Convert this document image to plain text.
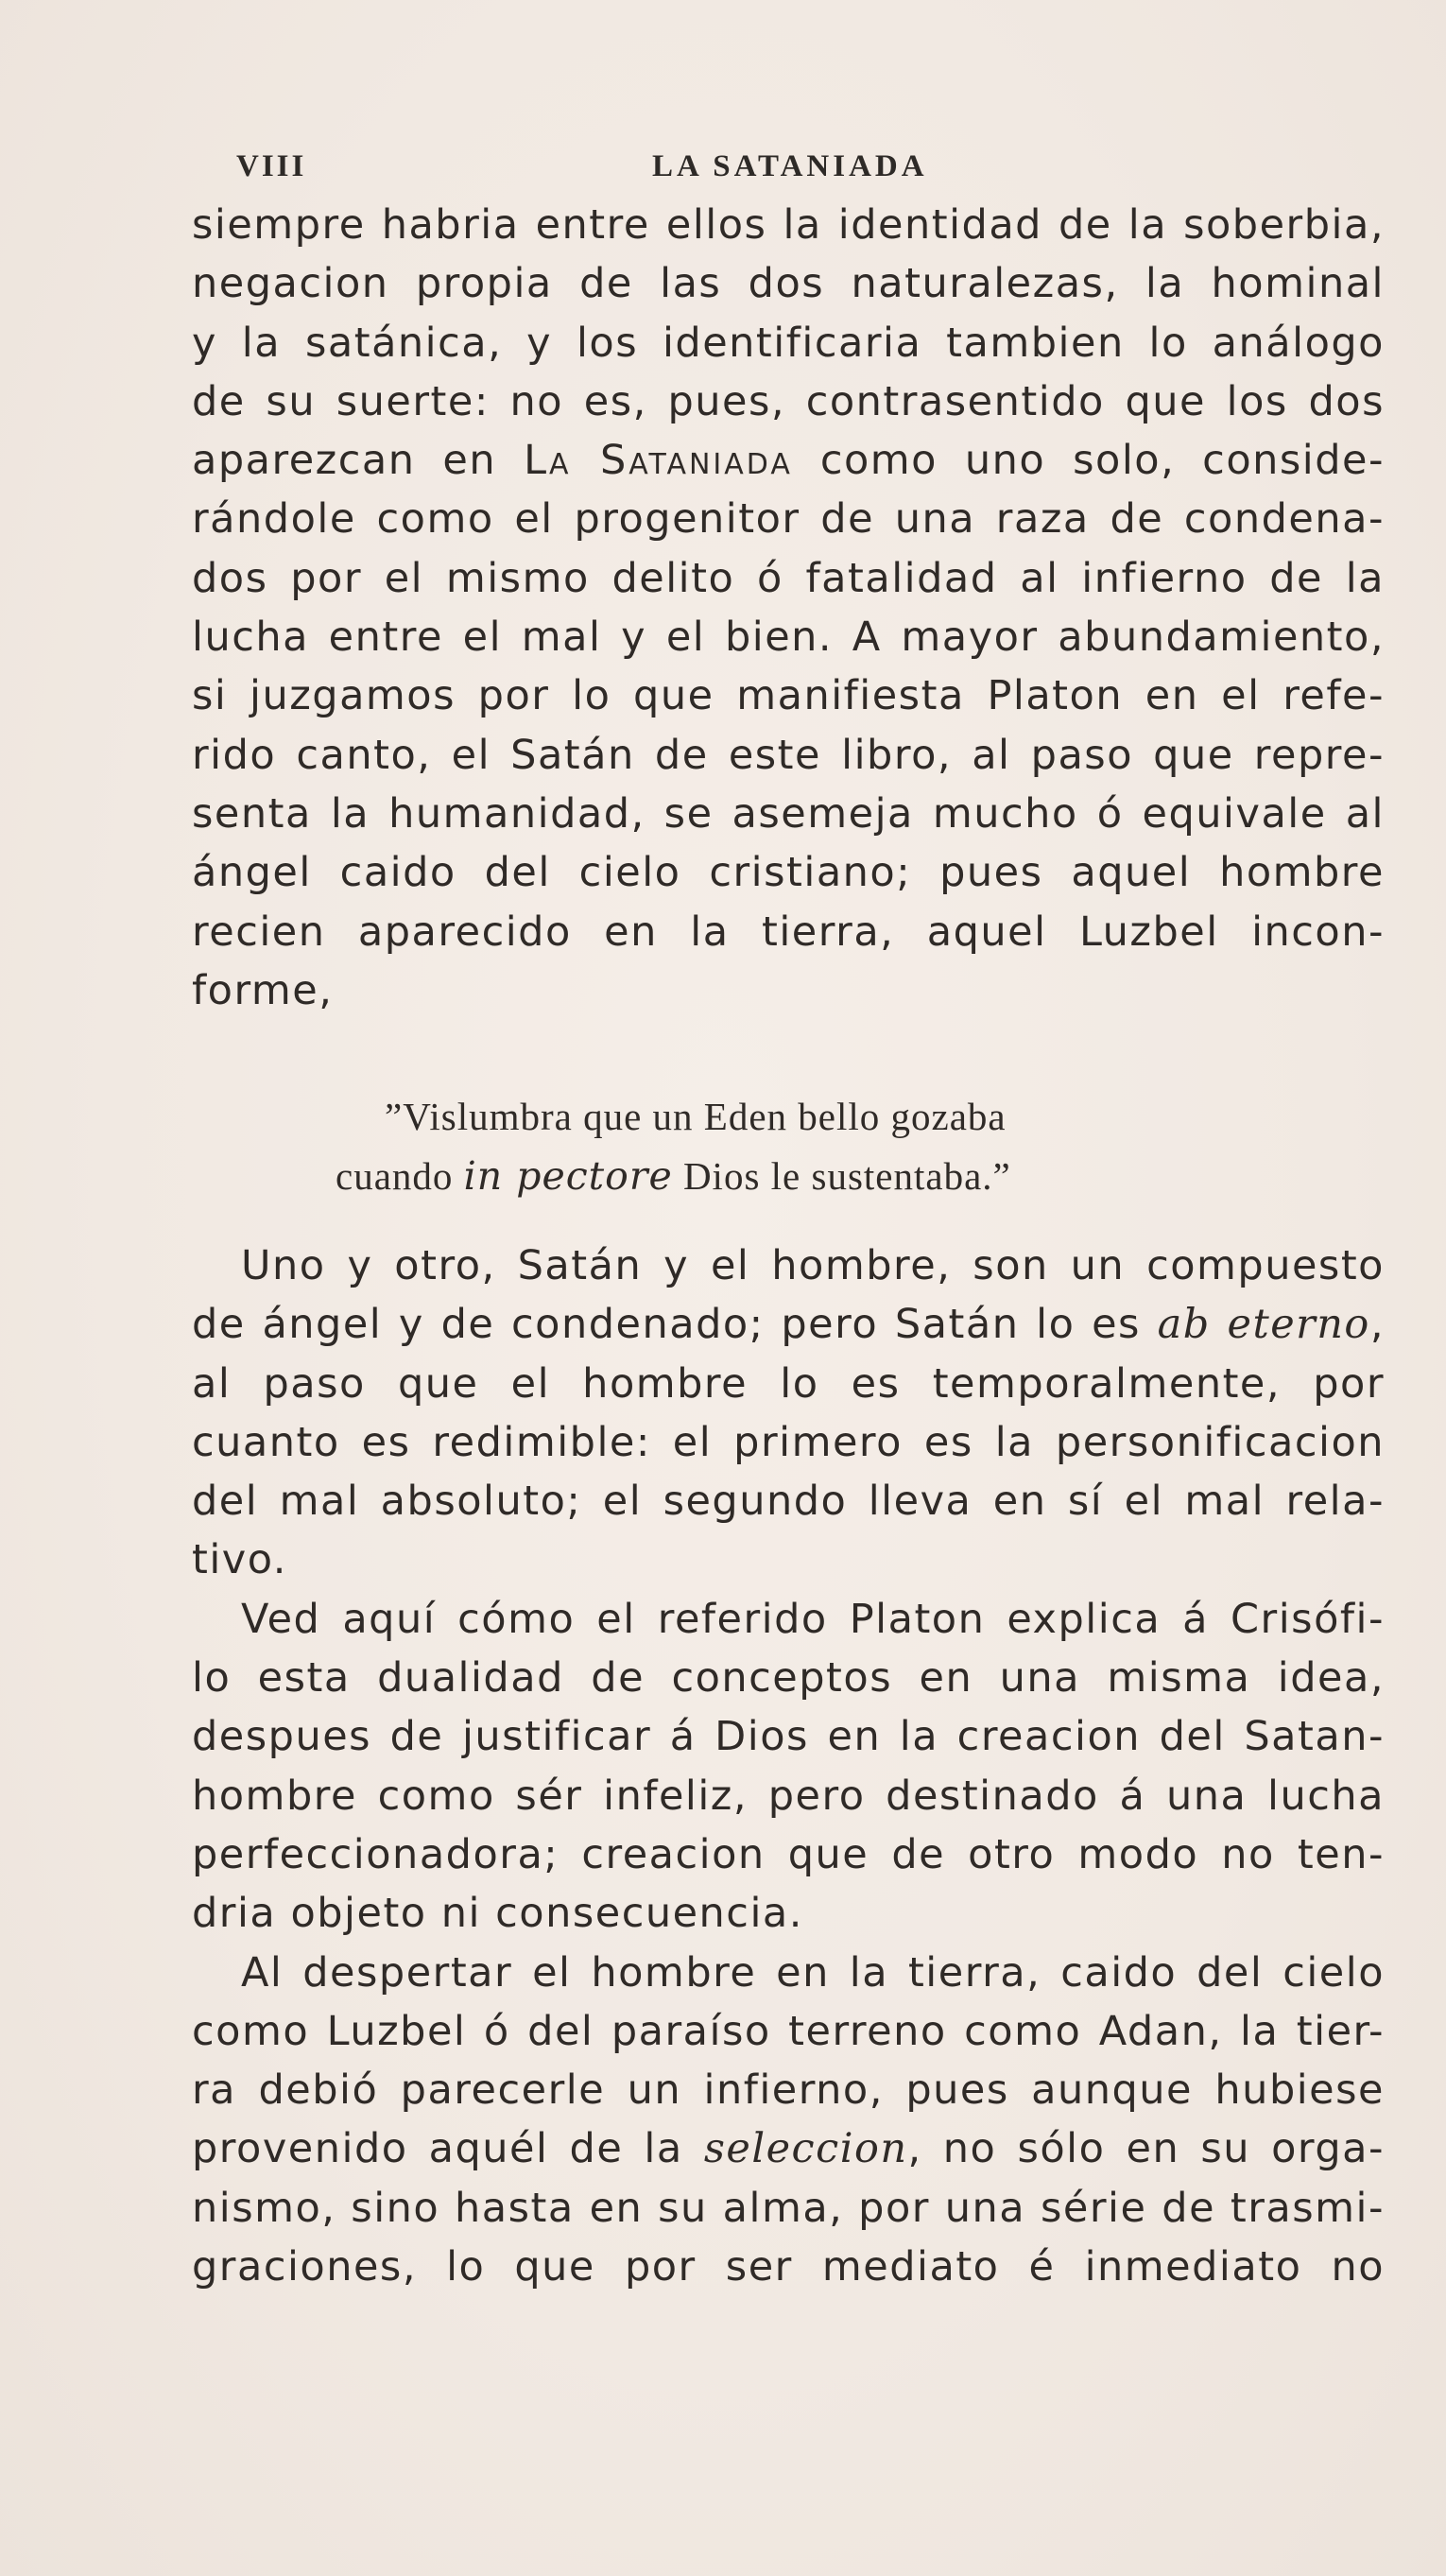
VIII	LA SATANIADA
siempre habria entre ellos la identidad de la soberbia,
negacion propia de las dos naturalezas, la hominal
y la satánica, y los identificaria tambien lo análogo
de su suerte: no es, pues, contrasentido que los dos
aparezcan en La Sataniada como uno solo, conside-
rándole como el progenitor de una raza de condena-
dos por el mismo delito ó fatalidad al infierno de la
lucha entre el mal y el bien. A mayor abundamiento,
si juzgamos por lo que manifiesta Platon en el refe-
rido canto, el Satán de este libro, al paso que repre-
senta la humanidad, se asemeja mucho ó equivale al
ángel caido del cielo cristiano; pues aquel hombre
recien aparecido en la tierra, aquel Luzbel incon-
forme,
”Vislumbra que un Eden bello gozaba
cuando in pectore Dios le sustentaba.”
Uno y otro, Satán y el hombre, son un compuesto
de ángel y de condenado; pero Satán lo es ab eterno,
al paso que el hombre lo es temporalmente, por
cuanto es redimible: el primero es la personificacion
del mal absoluto; el segundo lleva en sí el mal rela-
tivo.
Ved aquí cómo el referido Platon explica á Crisófi-
lo esta dualidad de conceptos en una misma idea,
despues de justificar á Dios en la creacion del Satan-
hombre como sér infeliz, pero destinado á una lucha
perfeccionadora; creacion que de otro modo no ten-
dria objeto ni consecuencia.
Al despertar el hombre en la tierra, caido del cielo
como Luzbel ó del paraíso terreno como Adan, la tier-
ra debió parecerle un infierno, pues aunque hubiese
provenido aquél de la seleccion, no sólo en su orga-
nismo, sino hasta en su alma, por una série de trasmi-
graciones, lo que por ser mediato é inmediato no
